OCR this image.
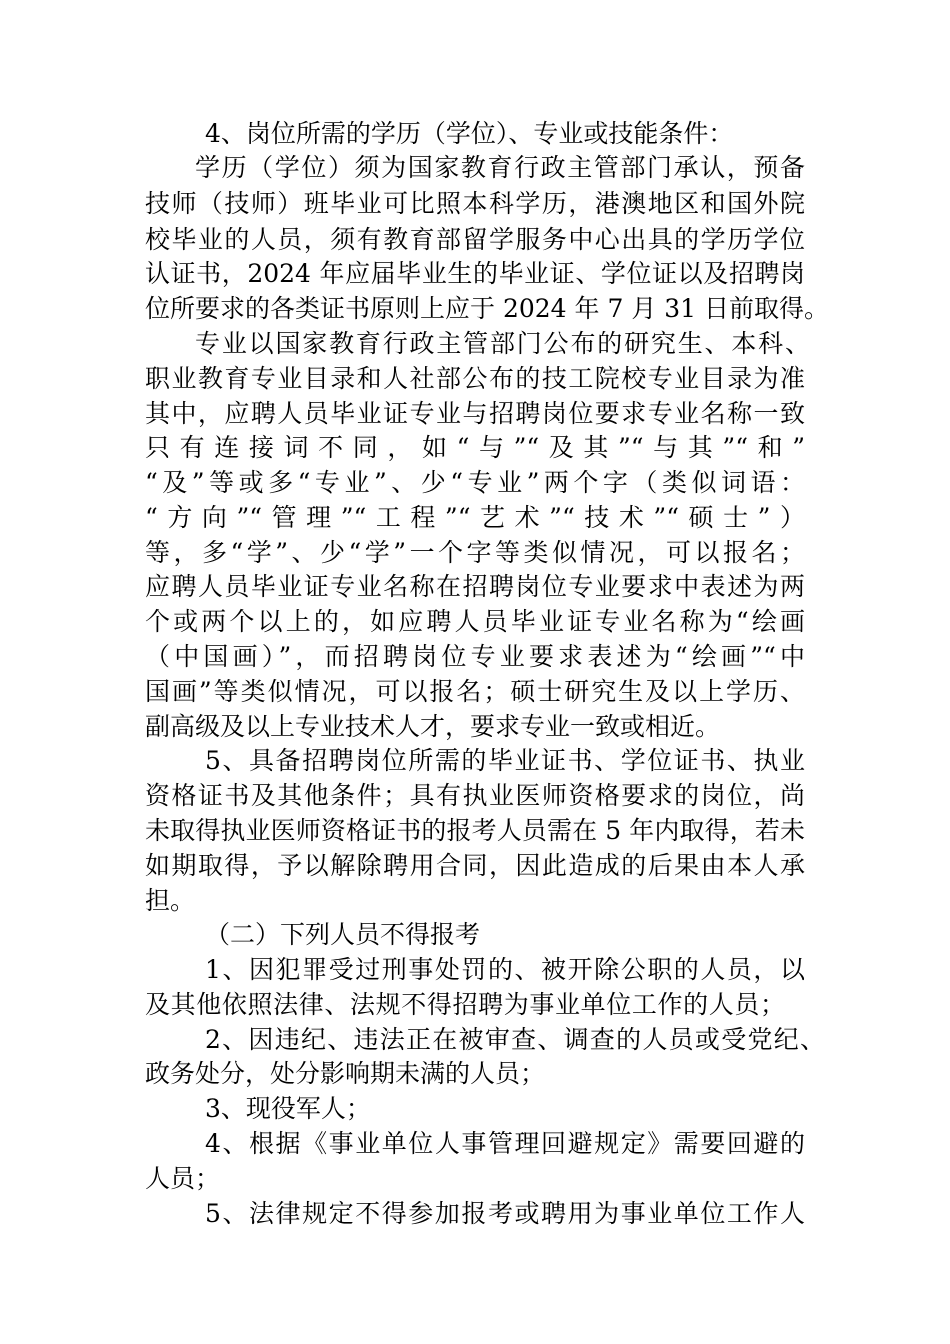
4、岗位所需的学历（学位）、专业或技能条件：
学历（学位）须为国家教育行政主管部门承认，预备
技师（技师）班毕业可比照本科学历，港澳地区和国外院
校毕业的人员，须有教育部留学服务中心出具的学历学位
认证书，2024 年应届毕业生的毕业证、学位证以及招聘岗
位所要求的各类证书原则上应于 2024 年 7 月 31 日前取得。
专业以国家教育行政主管部门公布的研究生、本科、
职业教育专业目录和人社部公布的技工院校专业目录为准
其中，应聘人员毕业证专业与招聘岗位要求专业名称一致
只有连接词不同，如“与”“及其”“与其”“和”
“及”等或多“专业”、少“专业”两个字（类似词语：
“方向”“管理”“工程”“艺术”“技术”“硕士”）
等，多“学”、少“学”一个字等类似情况，可以报名；
应聘人员毕业证专业名称在招聘岗位专业要求中表述为两
个或两个以上的，如应聘人员毕业证专业名称为“绘画
（中国画）”，而招聘岗位专业要求表述为“绘画”“中
国画”等类似情况，可以报名；硕士研究生及以上学历、
副高级及以上专业技术人才，要求专业一致或相近。
5、具备招聘岗位所需的毕业证书、学位证书、执业
资格证书及其他条件；具有执业医师资格要求的岗位，尚
未取得执业医师资格证书的报考人员需在 5 年内取得，若未
如期取得，予以解除聘用合同，因此造成的后果由本人承
担。
（二）下列人员不得报考
1、因犯罪受过刑事处罚的、被开除公职的人员，以
及其他依照法律、法规不得招聘为事业单位工作的人员；
2、因违纪、违法正在被审查、调查的人员或受党纪、
政务处分，处分影响期未满的人员；
3、现役军人；
4、根据《事业单位人事管理回避规定》需要回避的
人员；
5、法律规定不得参加报考或聘用为事业单位工作人
